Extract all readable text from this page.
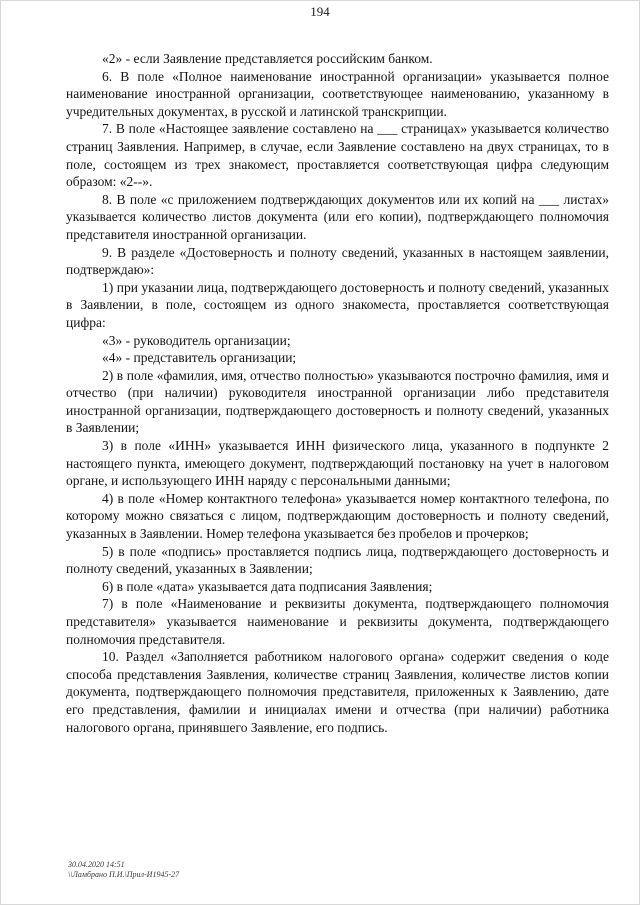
194

«2» - если Заявление представляется российским банком.

6. В поле «Полное наименование иностранной организации» указывается полное наименование иностранной организации, соответствующее наименованию, указанному в учредительных документах, в русской и латинской транскрипции.

7. В поле «Настоящее заявление составлено на ___ страницах» указывается количество страниц Заявления. Например, в случае, если Заявление составлено на двух страницах, то в поле, состоящем из трех знакомест, проставляется соответствующая цифра следующим образом: «2--».

8. В поле «с приложением подтверждающих документов или их копий на ___ листах» указывается количество листов документа (или его копии), подтверждающего полномочия представителя иностранной организации.

9. В разделе «Достоверность и полноту сведений, указанных в настоящем заявлении, подтверждаю»:

1) при указании лица, подтверждающего достоверность и полноту сведений, указанных в Заявлении, в поле, состоящем из одного знакоместа, проставляется соответствующая цифра:

«3» - руководитель организации;

«4» - представитель организации;

2) в поле «фамилия, имя, отчество полностью» указываются построчно фамилия, имя и отчество (при наличии) руководителя иностранной организации либо представителя иностранной организации, подтверждающего достоверность и полноту сведений, указанных в Заявлении;

3) в поле «ИНН» указывается ИНН физического лица, указанного в подпункте 2 настоящего пункта, имеющего документ, подтверждающий постановку на учет в налоговом органе, и использующего ИНН наряду с персональными данными;

4) в поле «Номер контактного телефона» указывается номер контактного телефона, по которому можно связаться с лицом, подтверждающим достоверность и полноту сведений, указанных в Заявлении. Номер телефона указывается без пробелов и прочерков;

5) в поле «подпись» проставляется подпись лица, подтверждающего достоверность и полноту сведений, указанных в Заявлении;

6) в поле «дата» указывается дата подписания Заявления;

7) в поле «Наименование и реквизиты документа, подтверждающего полномочия представителя» указывается наименование и реквизиты документа, подтверждающего полномочия представителя.

10. Раздел «Заполняется работником налогового органа» содержит сведения о коде способа представления Заявления, количестве страниц Заявления, количестве листов копии документа, подтверждающего полномочия представителя, приложенных к Заявлению, дате его представления, фамилии и инициалах имени и отчества (при наличии) работника налогового органа, принявшего Заявление, его подпись.

30.04.2020 14:51
\\Ламбрано П.И.\Прил-И1945-27
